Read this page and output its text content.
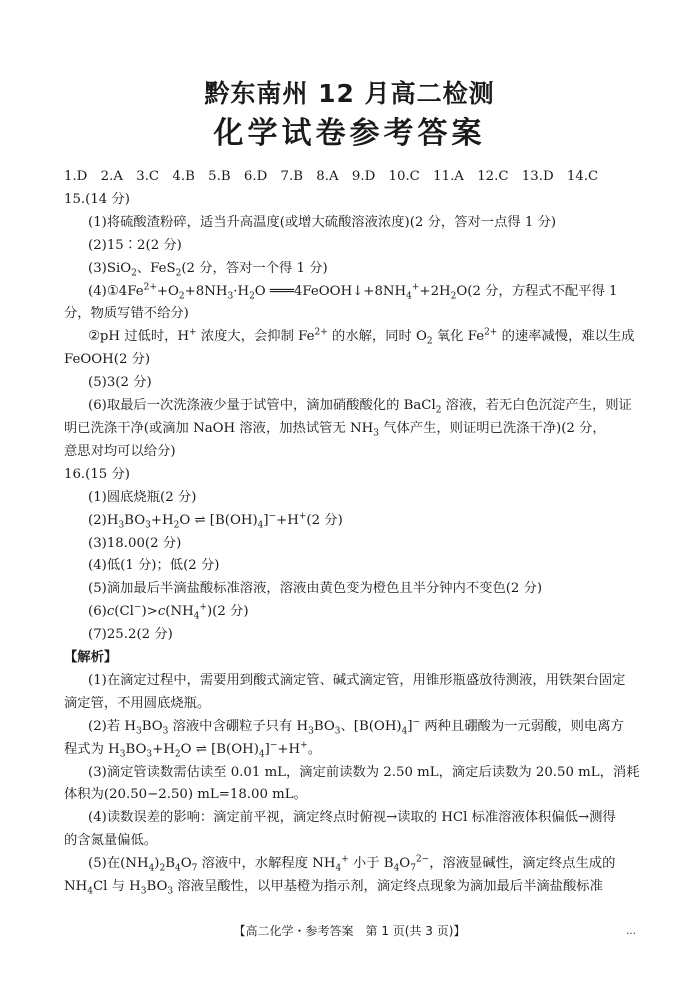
黔东南州 12 月高二检测
化学试卷参考答案
1.D　2.A　3.C　4.B　5.B　6.D　7.B　8.A　9.D　10.C　11.A　12.C　13.D　14.C
15.(14 分)
(1)将硫酸渣粉碎，适当升高温度(或增大硫酸溶液浓度)(2 分，答对一点得 1 分)
(2)15∶2(2 分)
(3)SiO$_2$、FeS$_2$(2 分，答对一个得 1 分)
$(4)①4Fe^{2+}+O_2+8NH_3\cdot H_2O$ $═══4FeOOH↓+8NH_4^++2H_2O(2$ 分，方程式不配平得 1
分，物质写错不给分)
②pH 过低时，H+ 浓度大，会抑制 $Fe^{2+}$ 的水解，同时 $O_2$ 氧化 $Fe^{2+}$ 的速率减慢，难以生成
FeOOH(2 分)
(5)3(2 分)
(6)取最后一次洗涤液少量于试管中，滴加硝酸酸化的 BaCl$_2$ 溶液，若无白色沉淀产生，则证
明已洗涤干净(或滴加 NaOH 溶液，加热试管无 $NH_3$ 气体产生，则证明已洗涤干净)(2 分，
意思对均可以给分)
16.(15 分)
(1)圆底烧瓶(2 分)
$(2)H_3BO_3+H_2O$ ⇌ $[B(OH)_4]^-+H^+(2$ 分)
(3)18.00(2 分)
(4)低(1 分)；低(2 分)
(5)滴加最后半滴盐酸标准溶液，溶液由黄色变为橙色且半分钟内不变色(2 分)
$(6)c(Cl^-)>c(NH_4^+)(2$ 分)
(7)25.2(2 分)
【解析】
(1)在滴定过程中，需要用到酸式滴定管、碱式滴定管，用锥形瓶盛放待测液，用铁架台固定
滴定管，不用圆底烧瓶。
(2)若 $H_3BO_3$ 溶液中含硼粒子只有 $H_3BO_3$、$[B(OH)_4]^-$ 两种且硼酸为一元弱酸，则电离方
程式为 $H_3BO_3+H_2O$ ⇌ $[B(OH)_4]^-+H^+$。
(3)滴定管读数需估读至 0.01 mL，滴定前读数为 2.50 mL，滴定后读数为 20.50 mL，消耗
体积为(20.50−2.50) mL=18.00 mL。
(4)读数误差的影响：滴定前平视，滴定终点时俯视→读取的 HCl 标准溶液体积偏低→测得
的含氮量偏低。
(5)在$(NH_4)_2B_4O_7$ 溶液中，水解程度 $NH_4^+$ 小于 $B_4O_7^{2-}$，溶液显碱性，滴定终点生成的
$NH_4Cl$ 与 $H_3BO_3$ 溶液呈酸性，以甲基橙为指示剂，滴定终点现象为滴加最后半滴盐酸标准
【高二化学・参考答案　第 1 页(共 3 页)】	…
